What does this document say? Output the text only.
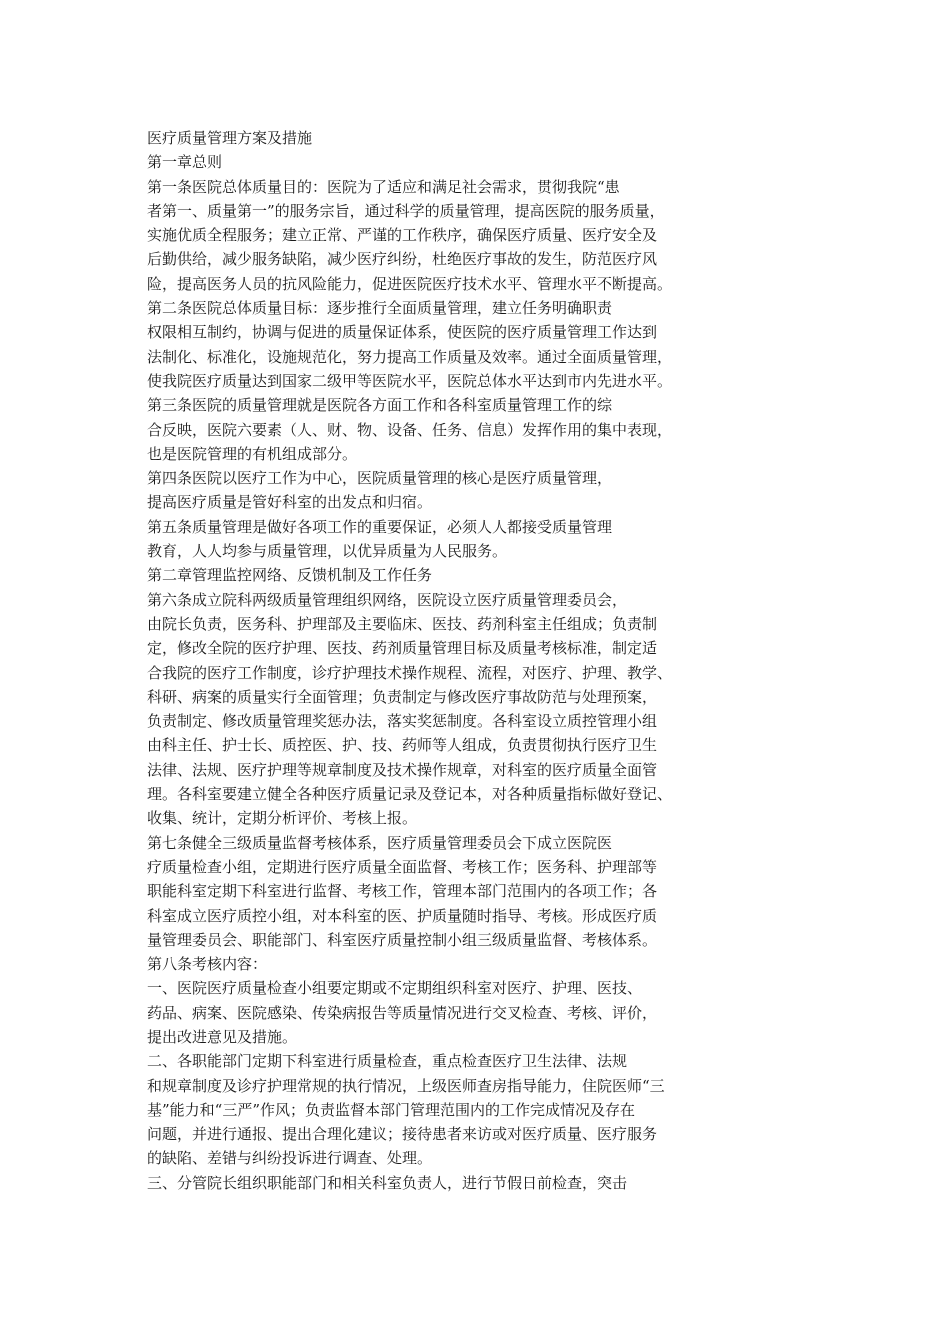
医疗质量管理方案及措施
第一章总则
第一条医院总体质量目的：医院为了适应和满足社会需求，贯彻我院“患
者第一、质量第一”的服务宗旨，通过科学的质量管理，提高医院的服务质量，
实施优质全程服务；建立正常、严谨的工作秩序，确保医疗质量、医疗安全及
后勤供给，减少服务缺陷，减少医疗纠纷，杜绝医疗事故的发生，防范医疗风
险，提高医务人员的抗风险能力，促进医院医疗技术水平、管理水平不断提高。
第二条医院总体质量目标：逐步推行全面质量管理，建立任务明确职责
权限相互制约，协调与促进的质量保证体系，使医院的医疗质量管理工作达到
法制化、标准化，设施规范化，努力提高工作质量及效率。通过全面质量管理，
使我院医疗质量达到国家二级甲等医院水平，医院总体水平达到市内先进水平。
第三条医院的质量管理就是医院各方面工作和各科室质量管理工作的综
合反映，医院六要素（人、财、物、设备、任务、信息）发挥作用的集中表现，
也是医院管理的有机组成部分。
第四条医院以医疗工作为中心，医院质量管理的核心是医疗质量管理，
提高医疗质量是管好科室的出发点和归宿。
第五条质量管理是做好各项工作的重要保证，必须人人都接受质量管理
教育，人人均参与质量管理，以优异质量为人民服务。
第二章管理监控网络、反馈机制及工作任务
第六条成立院科两级质量管理组织网络，医院设立医疗质量管理委员会，
由院长负责，医务科、护理部及主要临床、医技、药剂科室主任组成；负责制
定，修改全院的医疗护理、医技、药剂质量管理目标及质量考核标准，制定适
合我院的医疗工作制度，诊疗护理技术操作规程、流程，对医疗、护理、教学、
科研、病案的质量实行全面管理；负责制定与修改医疗事故防范与处理预案，
负责制定、修改质量管理奖惩办法，落实奖惩制度。各科室设立质控管理小组
由科主任、护士长、质控医、护、技、药师等人组成，负责贯彻执行医疗卫生
法律、法规、医疗护理等规章制度及技术操作规章，对科室的医疗质量全面管
理。各科室要建立健全各种医疗质量记录及登记本，对各种质量指标做好登记、
收集、统计，定期分析评价、考核上报。
第七条健全三级质量监督考核体系，医疗质量管理委员会下成立医院医
疗质量检查小组，定期进行医疗质量全面监督、考核工作；医务科、护理部等
职能科室定期下科室进行监督、考核工作，管理本部门范围内的各项工作；各
科室成立医疗质控小组，对本科室的医、护质量随时指导、考核。形成医疗质
量管理委员会、职能部门、科室医疗质量控制小组三级质量监督、考核体系。
第八条考核内容：
一、医院医疗质量检查小组要定期或不定期组织科室对医疗、护理、医技、
药品、病案、医院感染、传染病报告等质量情况进行交叉检查、考核、评价，
提出改进意见及措施。
二、各职能部门定期下科室进行质量检查，重点检查医疗卫生法律、法规
和规章制度及诊疗护理常规的执行情况，上级医师查房指导能力，住院医师“三
基”能力和“三严”作风；负责监督本部门管理范围内的工作完成情况及存在
问题，并进行通报、提出合理化建议；接待患者来访或对医疗质量、医疗服务
的缺陷、差错与纠纷投诉进行调查、处理。
三、分管院长组织职能部门和相关科室负责人，进行节假日前检查，突击
